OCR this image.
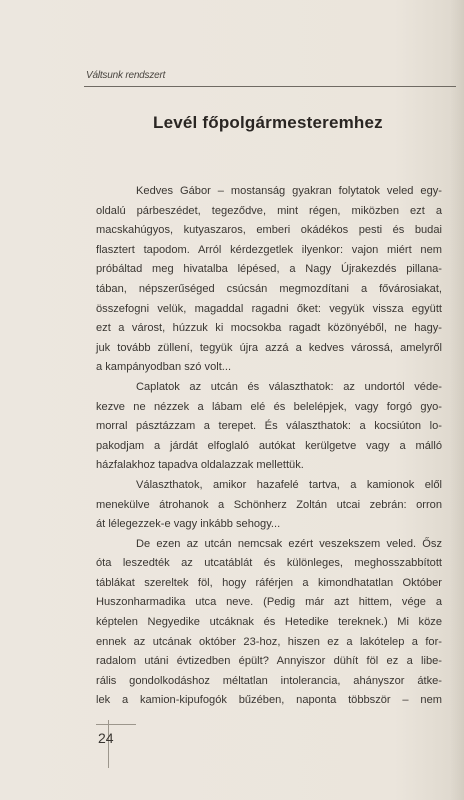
Váltsunk rendszert
Levél főpolgármesteremhez
Kedves Gábor – mostanság gyakran folytatok veled egy-
oldalú párbeszédet, tegeződve, mint régen, miközben ezt a
macskahúgyos, kutyaszaros, emberi okádékos pesti és budai
flasztert tapodom. Arról kérdezgetlek ilyenkor: vajon miért nem
próbáltad meg hivatalba lépésed, a Nagy Újrakezdés pillana-
tában, népszerűséged csúcsán megmozdítani a fővárosiakat,
összefogni velük, magaddal ragadni őket: vegyük vissza együtt
ezt a várost, húzzuk ki mocsokba ragadt közönyéből, ne hagy-
juk tovább züllení, tegyük újra azzá a kedves várossá, amelyről
a kampányodban szó volt...
Caplatok az utcán és választhatok: az undortól véde-
kezve ne nézzek a lábam elé és belelépjek, vagy forgó gyo-
morral pásztázzam a terepet. És választhatok: a kocsiúton lo-
pakodjam a járdát elfoglaló autókat kerülgetve vagy a málló
házfalakhoz tapadva oldalazzak mellettük.
Választhatok, amikor hazafelé tartva, a kamionok elől
menekülve átrohanok a Schönherz Zoltán utcai zebrán: orron
át lélegezzek-e vagy inkább sehogy...
De ezen az utcán nemcsak ezért veszekszem veled. Ősz
óta leszedték az utcatáblát és különleges, meghosszabbított
táblákat szereltek föl, hogy ráférjen a kimondhatatlan Október
Huszonharmadika utca neve. (Pedig már azt hittem, vége a
képtelen Negyedike utcáknak és Hetedike tereknek.) Mi köze
ennek az utcának október 23-hoz, hiszen ez a lakótelep a for-
radalom utáni évtizedben épült? Annyiszor dühít föl ez a libe-
rális gondolkodáshoz méltatlan intolerancia, ahányszor átke-
lek a kamion-kipufogók bűzében, naponta többször – nem
24
